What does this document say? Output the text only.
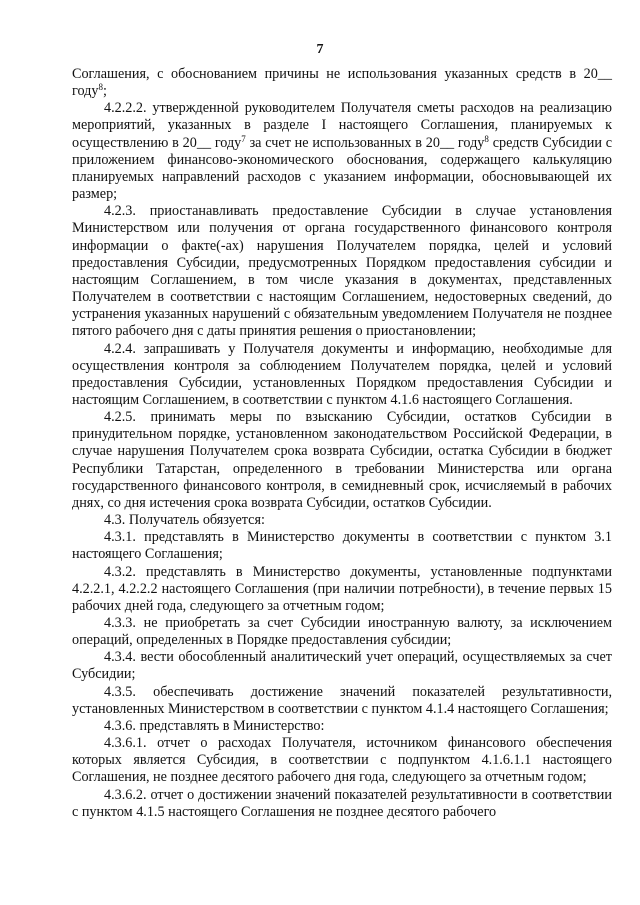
7

Соглашения, с обоснованием причины не использования указанных средств в 20__ году$^8$;

4.2.2.2. утвержденной руководителем Получателя сметы расходов на реализацию мероприятий, указанных в разделе I настоящего Соглашения, планируемых к осуществлению в 20__ году$^7$ за счет не использованных в 20__ году$^8$ средств Субсидии с приложением финансово-экономического обоснования, содержащего калькуляцию планируемых направлений расходов с указанием информации, обосновывающей их размер;

4.2.3. приостанавливать предоставление Субсидии в случае установления Министерством или получения от органа государственного финансового контроля информации о факте(-ах) нарушения Получателем порядка, целей и условий предоставления Субсидии, предусмотренных Порядком предоставления субсидии и настоящим Соглашением, в том числе указания в документах, представленных Получателем в соответствии с настоящим Соглашением, недостоверных сведений, до устранения указанных нарушений с обязательным уведомлением Получателя не позднее пятого рабочего дня с даты принятия решения о приостановлении;

4.2.4. запрашивать у Получателя документы и информацию, необходимые для осуществления контроля за соблюдением Получателем порядка, целей и условий предоставления Субсидии, установленных Порядком предоставления Субсидии и настоящим Соглашением, в соответствии с пунктом 4.1.6 настоящего Соглашения.

4.2.5. принимать меры по взысканию Субсидии, остатков Субсидии в принудительном порядке, установленном законодательством Российской Федерации, в случае нарушения Получателем срока возврата Субсидии, остатка Субсидии в бюджет Республики Татарстан, определенного в требовании Министерства или органа государственного финансового контроля, в семидневный срок, исчисляемый в рабочих днях, со дня истечения срока возврата Субсидии, остатков Субсидии.

4.3. Получатель обязуется:

4.3.1. представлять в Министерство документы в соответствии с пунктом 3.1 настоящего Соглашения;

4.3.2. представлять в Министерство документы, установленные подпунктами 4.2.2.1, 4.2.2.2 настоящего Соглашения (при наличии потребности), в течение первых 15 рабочих дней года, следующего за отчетным годом;

4.3.3. не приобретать за счет Субсидии иностранную валюту, за исключением операций, определенных в Порядке предоставления субсидии;

4.3.4. вести обособленный аналитический учет операций, осуществляемых за счет Субсидии;

4.3.5. обеспечивать достижение значений показателей результативности, установленных Министерством в соответствии с пунктом 4.1.4 настоящего Соглашения;

4.3.6. представлять в Министерство:

4.3.6.1. отчет о расходах Получателя, источником финансового обеспечения которых является Субсидия, в соответствии с подпунктом 4.1.6.1.1 настоящего Соглашения, не позднее десятого рабочего дня года, следующего за отчетным годом;

4.3.6.2. отчет о достижении значений показателей результативности в соответствии с пунктом 4.1.5 настоящего Соглашения не позднее десятого рабочего
